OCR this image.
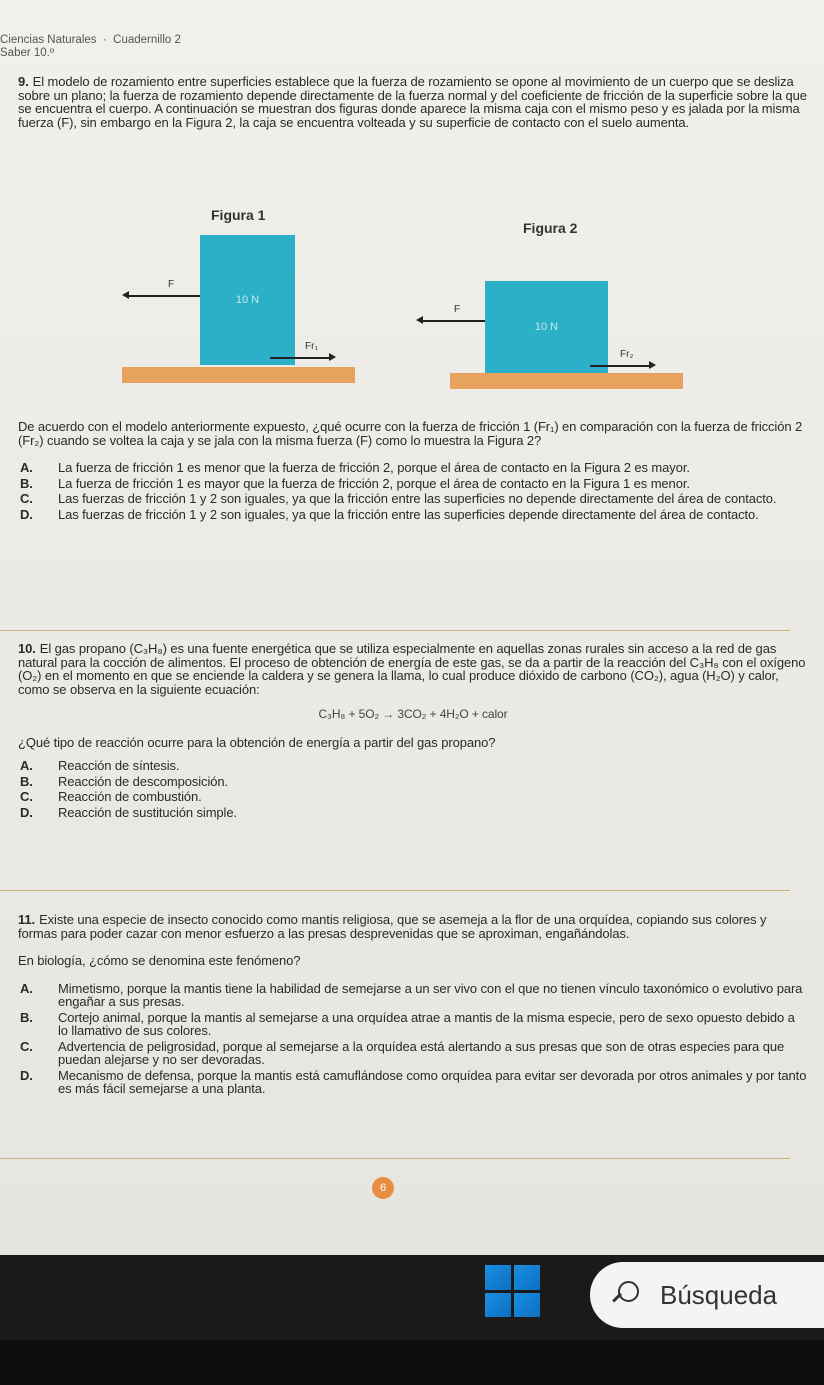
Ciencias Naturales  ·  Cuadernillo 2
Saber 10.º

9. El modelo de rozamiento entre superficies establece que la fuerza de rozamiento se opone al movimiento de un cuerpo que se desliza sobre un plano; la fuerza de rozamiento depende directamente de la fuerza normal y del coeficiente de fricción de la superficie sobre la que se encuentra el cuerpo. A continuación se muestran dos figuras donde aparece la misma caja con el mismo peso y es jalada por la misma fuerza (F), sin embargo en la Figura 2, la caja se encuentra volteada y su superficie de contacto con el suelo aumenta.

Figura 1
10 N
F
Fr₁
Figura 2
10 N
F
Fr₂

De acuerdo con el modelo anteriormente expuesto, ¿qué ocurre con la fuerza de fricción 1 (Fr₁) en comparación con la fuerza de fricción 2 (Fr₂) cuando se voltea la caja y se jala con la misma fuerza (F) como lo muestra la Figura 2?

A.	La fuerza de fricción 1 es menor que la fuerza de fricción 2, porque el área de contacto en la Figura 2 es mayor.
B.	La fuerza de fricción 1 es mayor que la fuerza de fricción 2, porque el área de contacto en la Figura 1 es menor.
C.	Las fuerzas de fricción 1 y 2 son iguales, ya que la fricción entre las superficies no depende directamente del área de contacto.
D.	Las fuerzas de fricción 1 y 2 son iguales, ya que la fricción entre las superficies depende directamente del área de contacto.

10. El gas propano (C₃H₈) es una fuente energética que se utiliza especialmente en aquellas zonas rurales sin acceso a la red de gas natural para la cocción de alimentos. El proceso de obtención de energía de este gas, se da a partir de la reacción del C₃H₈ con el oxígeno (O₂) en el momento en que se enciende la caldera y se genera la llama, lo cual produce dióxido de carbono (CO₂), agua (H₂O) y calor, como se observa en la siguiente ecuación:

C₃H₈ + 5O₂ → 3CO₂ + 4H₂O + calor

¿Qué tipo de reacción ocurre para la obtención de energía a partir del gas propano?

A.	Reacción de síntesis.
B.	Reacción de descomposición.
C.	Reacción de combustión.
D.	Reacción de sustitución simple.

11. Existe una especie de insecto conocido como mantis religiosa, que se asemeja a la flor de una orquídea, copiando sus colores y formas para poder cazar con menor esfuerzo a las presas desprevenidas que se aproximan, engañándolas.

En biología, ¿cómo se denomina este fenómeno?

A.	Mimetismo, porque la mantis tiene la habilidad de semejarse a un ser vivo con el que no tienen vínculo taxonómico o evolutivo para engañar a sus presas.
B.	Cortejo animal, porque la mantis al semejarse a una orquídea atrae a mantis de la misma especie, pero de sexo opuesto debido a lo llamativo de sus colores.
C.	Advertencia de peligrosidad, porque al semejarse a la orquídea está alertando a sus presas que son de otras especies para que puedan alejarse y no ser devoradas.
D.	Mecanismo de defensa, porque la mantis está camuflándose como orquídea para evitar ser devorada por otros animales y por tanto es más fácil semejarse a una planta.
6
Búsqueda
